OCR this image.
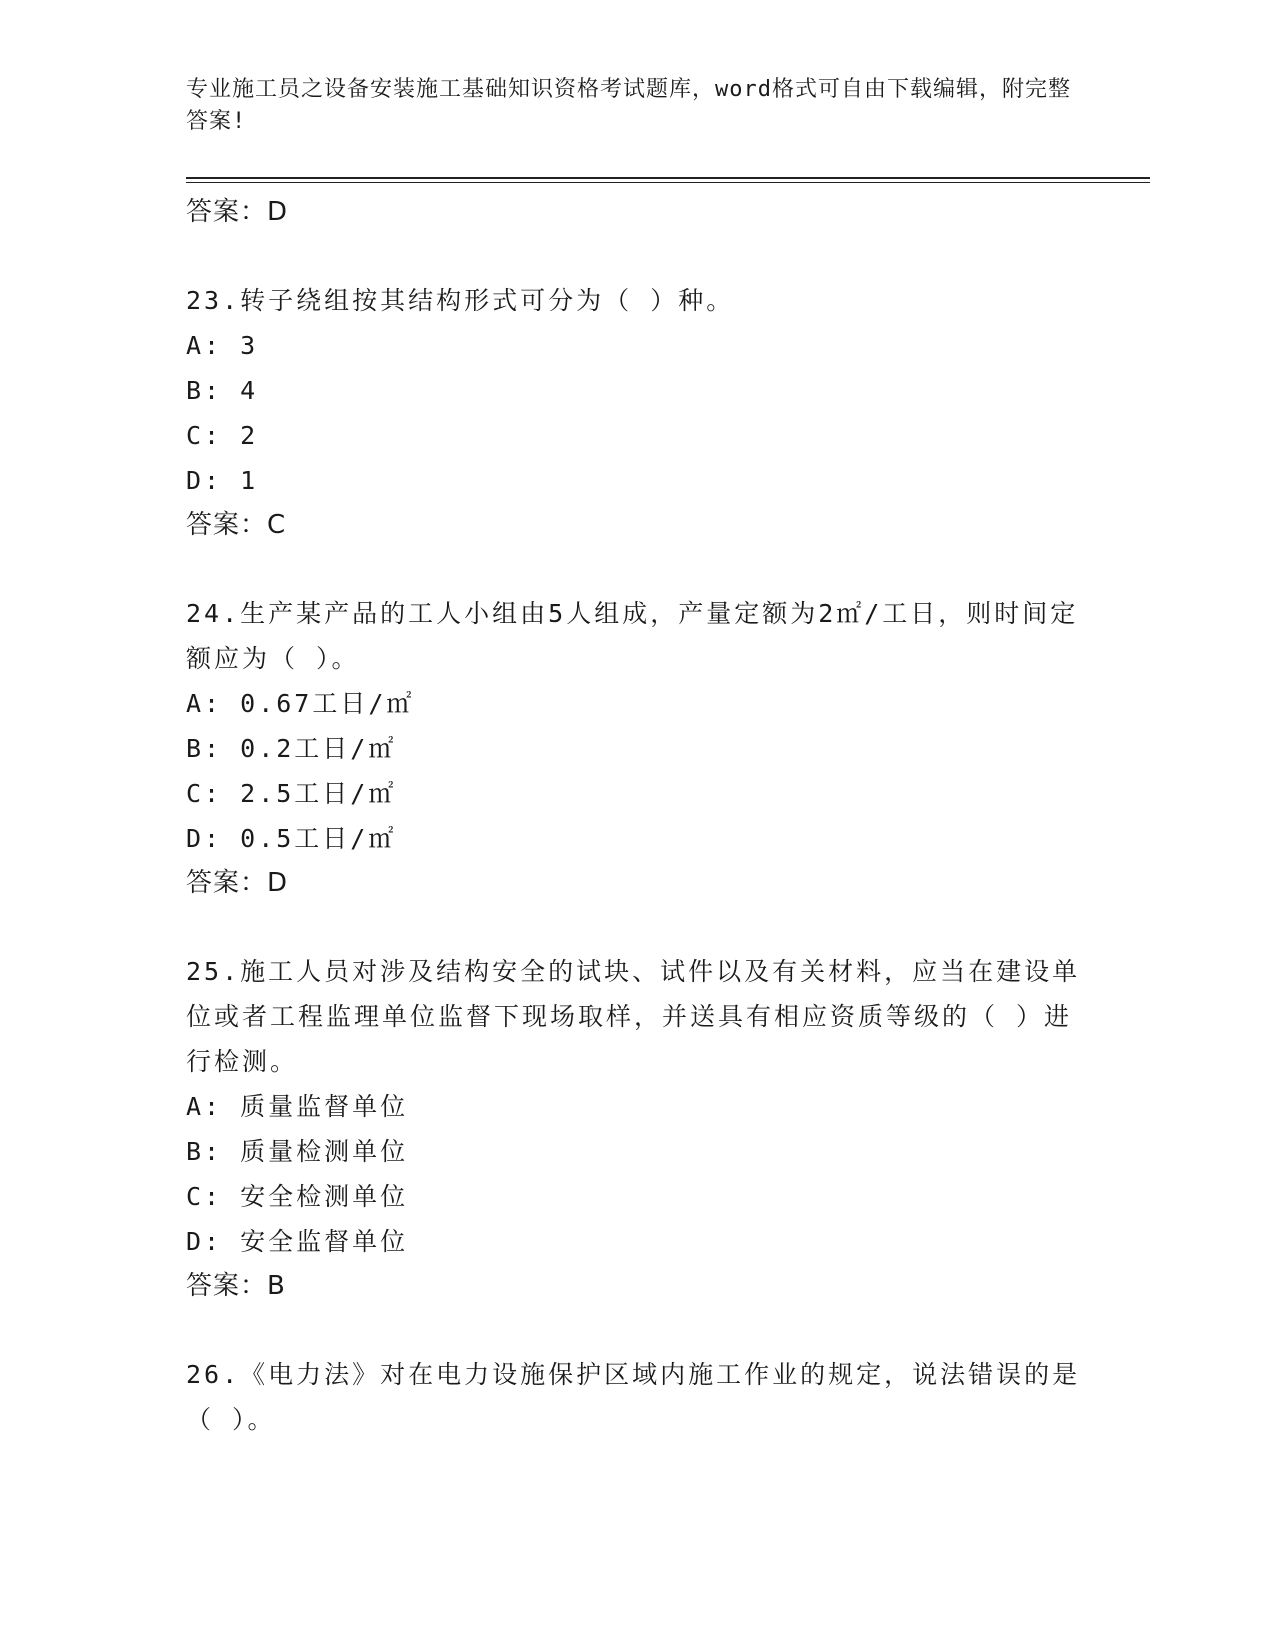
专业施工员之设备安装施工基础知识资格考试题库，word格式可自由下载编辑，附完整答案!

答案：D

23.转子绕组按其结构形式可分为（ ）种。

A: 3

B: 4

C: 2

D: 1

答案：C

24.生产某产品的工人小组由5人组成，产量定额为2㎡/工日，则时间定额应为（ ）。

A: 0.67工日/㎡

B: 0.2工日/㎡

C: 2.5工日/㎡

D: 0.5工日/㎡

答案：D

25.施工人员对涉及结构安全的试块、试件以及有关材料，应当在建设单位或者工程监理单位监督下现场取样，并送具有相应资质等级的（ ）进行检测。

A: 质量监督单位

B: 质量检测单位

C: 安全检测单位

D: 安全监督单位

答案：B

26.《电力法》对在电力设施保护区域内施工作业的规定，说法错误的是（ ）。
